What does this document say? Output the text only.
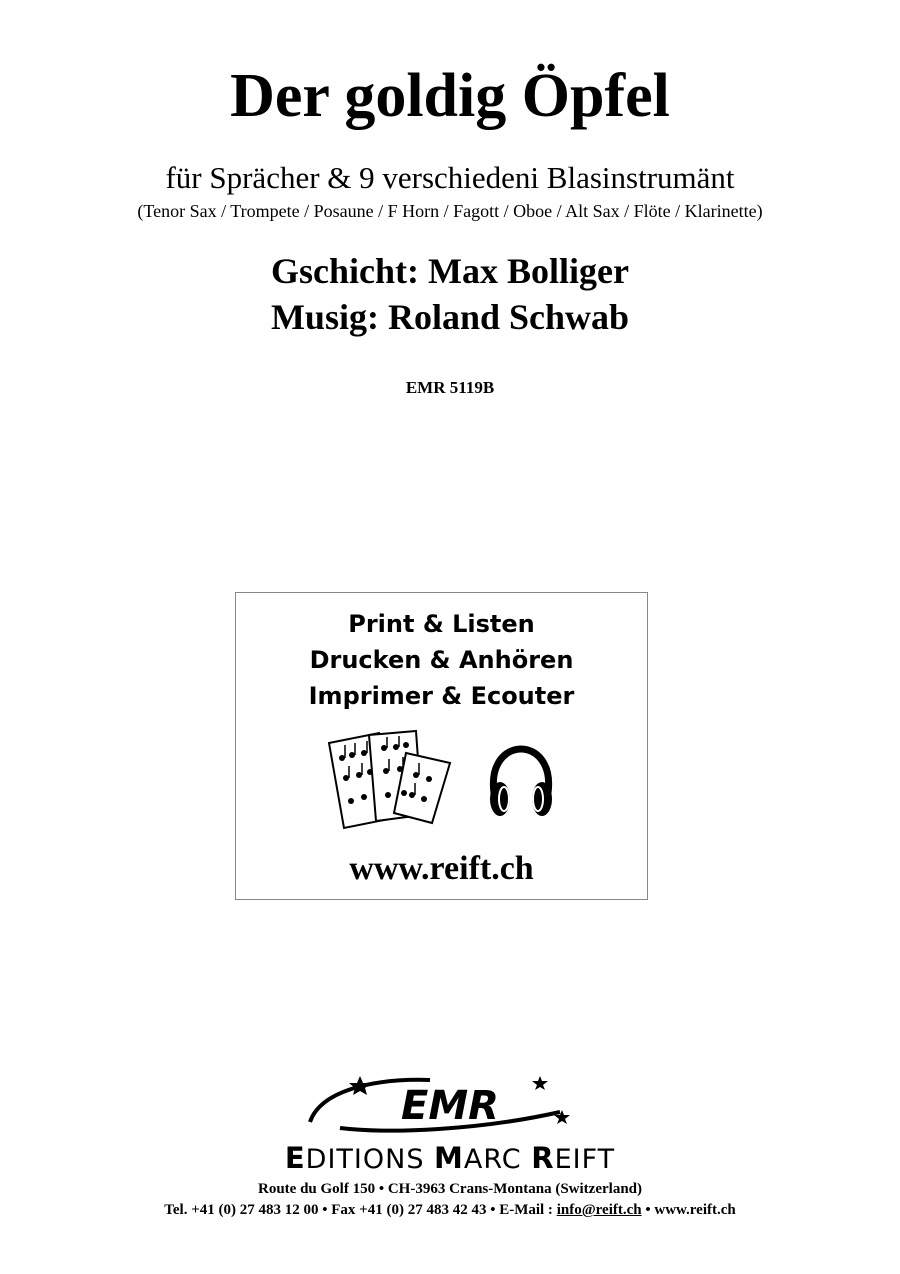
Der goldig Öpfel
für Sprächer & 9 verschiedeni Blasinstrumänt
(Tenor Sax / Trompete / Posaune / F Horn / Fagott / Oboe / Alt Sax / Flöte / Klarinette)
Gschicht: Max Bolliger
Musig: Roland Schwab
EMR 5119B
Print & Listen
Drucken & Anhören
Imprimer & Ecouter
www.reift.ch
EMR
EDITIONS MARC REIFT
Route du Golf 150 • CH-3963 Crans-Montana (Switzerland)
Tel. +41 (0) 27 483 12 00 • Fax +41 (0) 27 483 42 43 • E-Mail : info@reift.ch • www.reift.ch
